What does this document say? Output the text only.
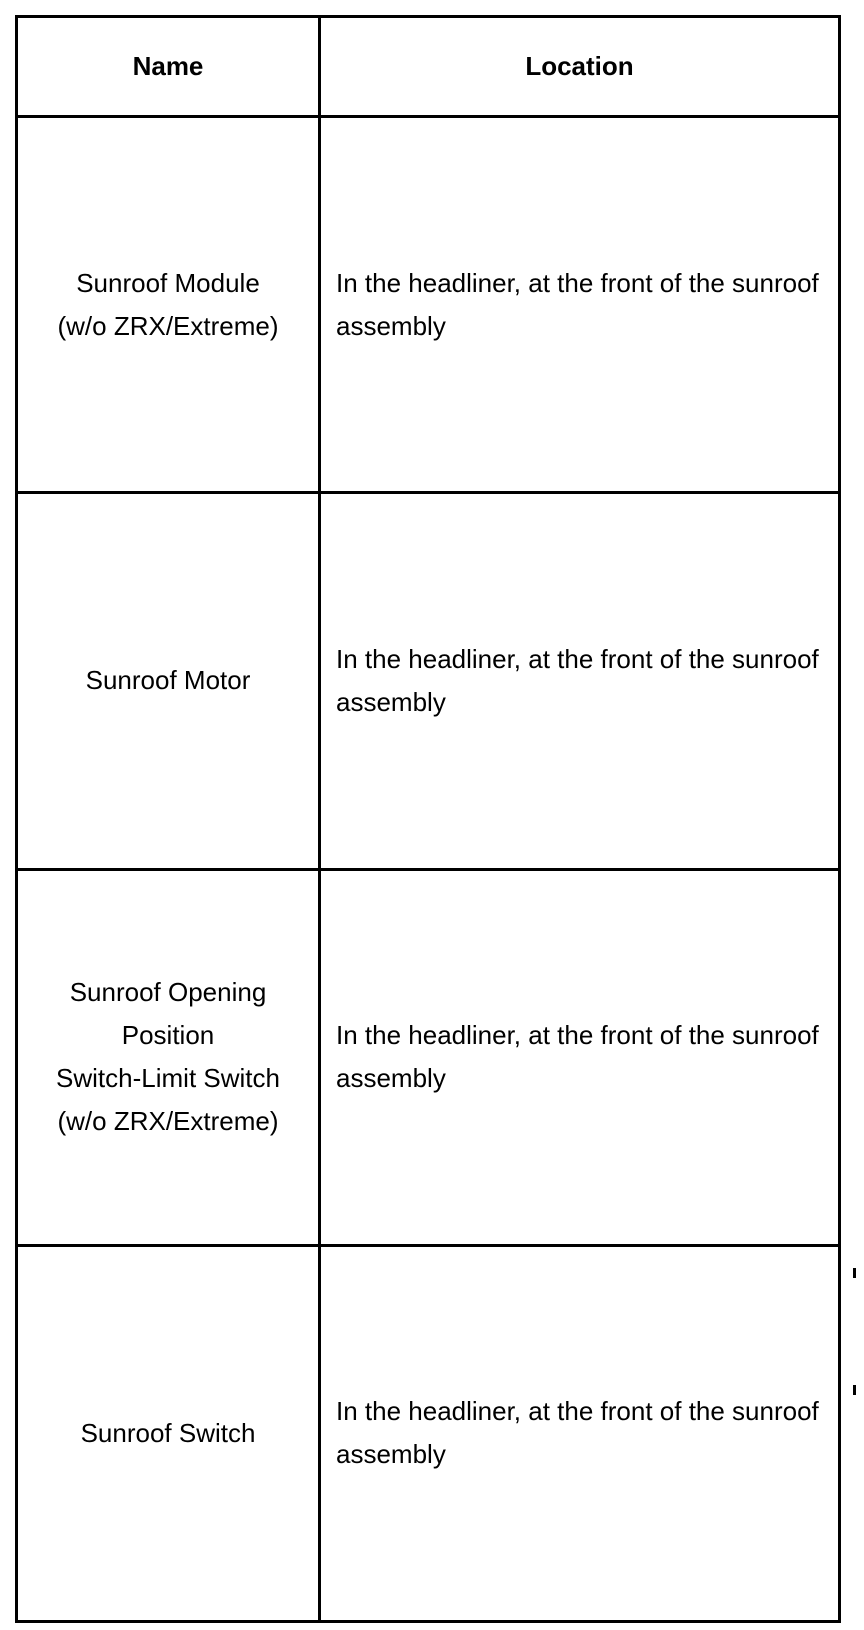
Name	Location

Sunroof Module
(w/o ZRX/Extreme)	In the headliner, at the front of the sunroof assembly

Sunroof Motor	In the headliner, at the front of the sunroof assembly

Sunroof Opening
Position
Switch-Limit Switch
(w/o ZRX/Extreme)	In the headliner, at the front of the sunroof assembly

Sunroof Switch	In the headliner, at the front of the sunroof assembly
